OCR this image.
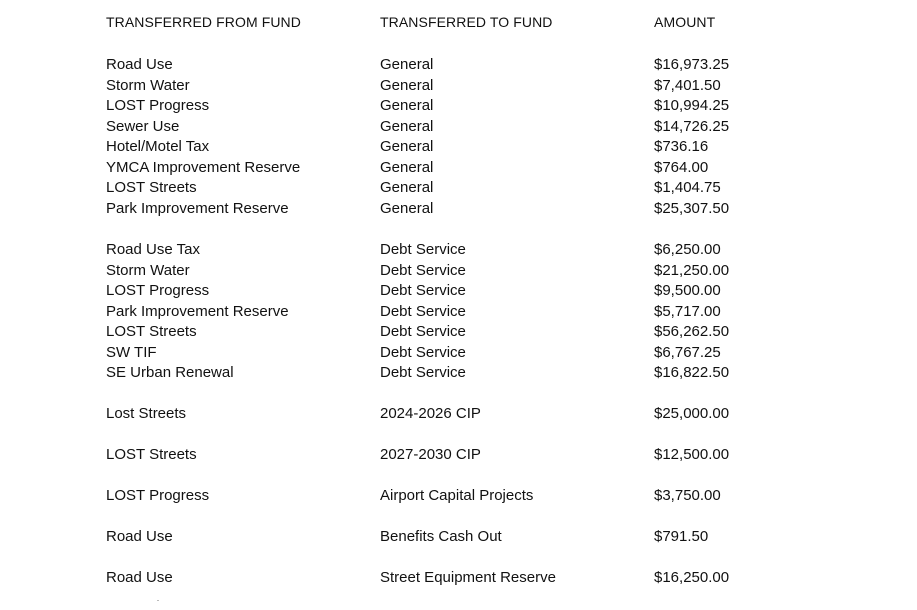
TRANSFERRED FROM FUND	TRANSFERRED TO FUND	AMOUNT
Road Use	General	$16,973.25
Storm Water	General	$7,401.50
LOST Progress	General	$10,994.25
Sewer Use	General	$14,726.25
Hotel/Motel Tax	General	$736.16
YMCA Improvement Reserve	General	$764.00
LOST Streets	General	$1,404.75
Park Improvement Reserve	General	$25,307.50
Road Use Tax	Debt Service	$6,250.00
Storm Water	Debt Service	$21,250.00
LOST Progress	Debt Service	$9,500.00
Park Improvement Reserve	Debt Service	$5,717.00
LOST Streets	Debt Service	$56,262.50
SW TIF	Debt Service	$6,767.25
SE Urban Renewal	Debt Service	$16,822.50
Lost Streets	2024-2026 CIP	$25,000.00
LOST Streets	2027-2030 CIP	$12,500.00
LOST Progress	Airport Capital Projects	$3,750.00
Road Use	Benefits Cash Out	$791.50
Road Use	Street Equipment Reserve	$16,250.00
